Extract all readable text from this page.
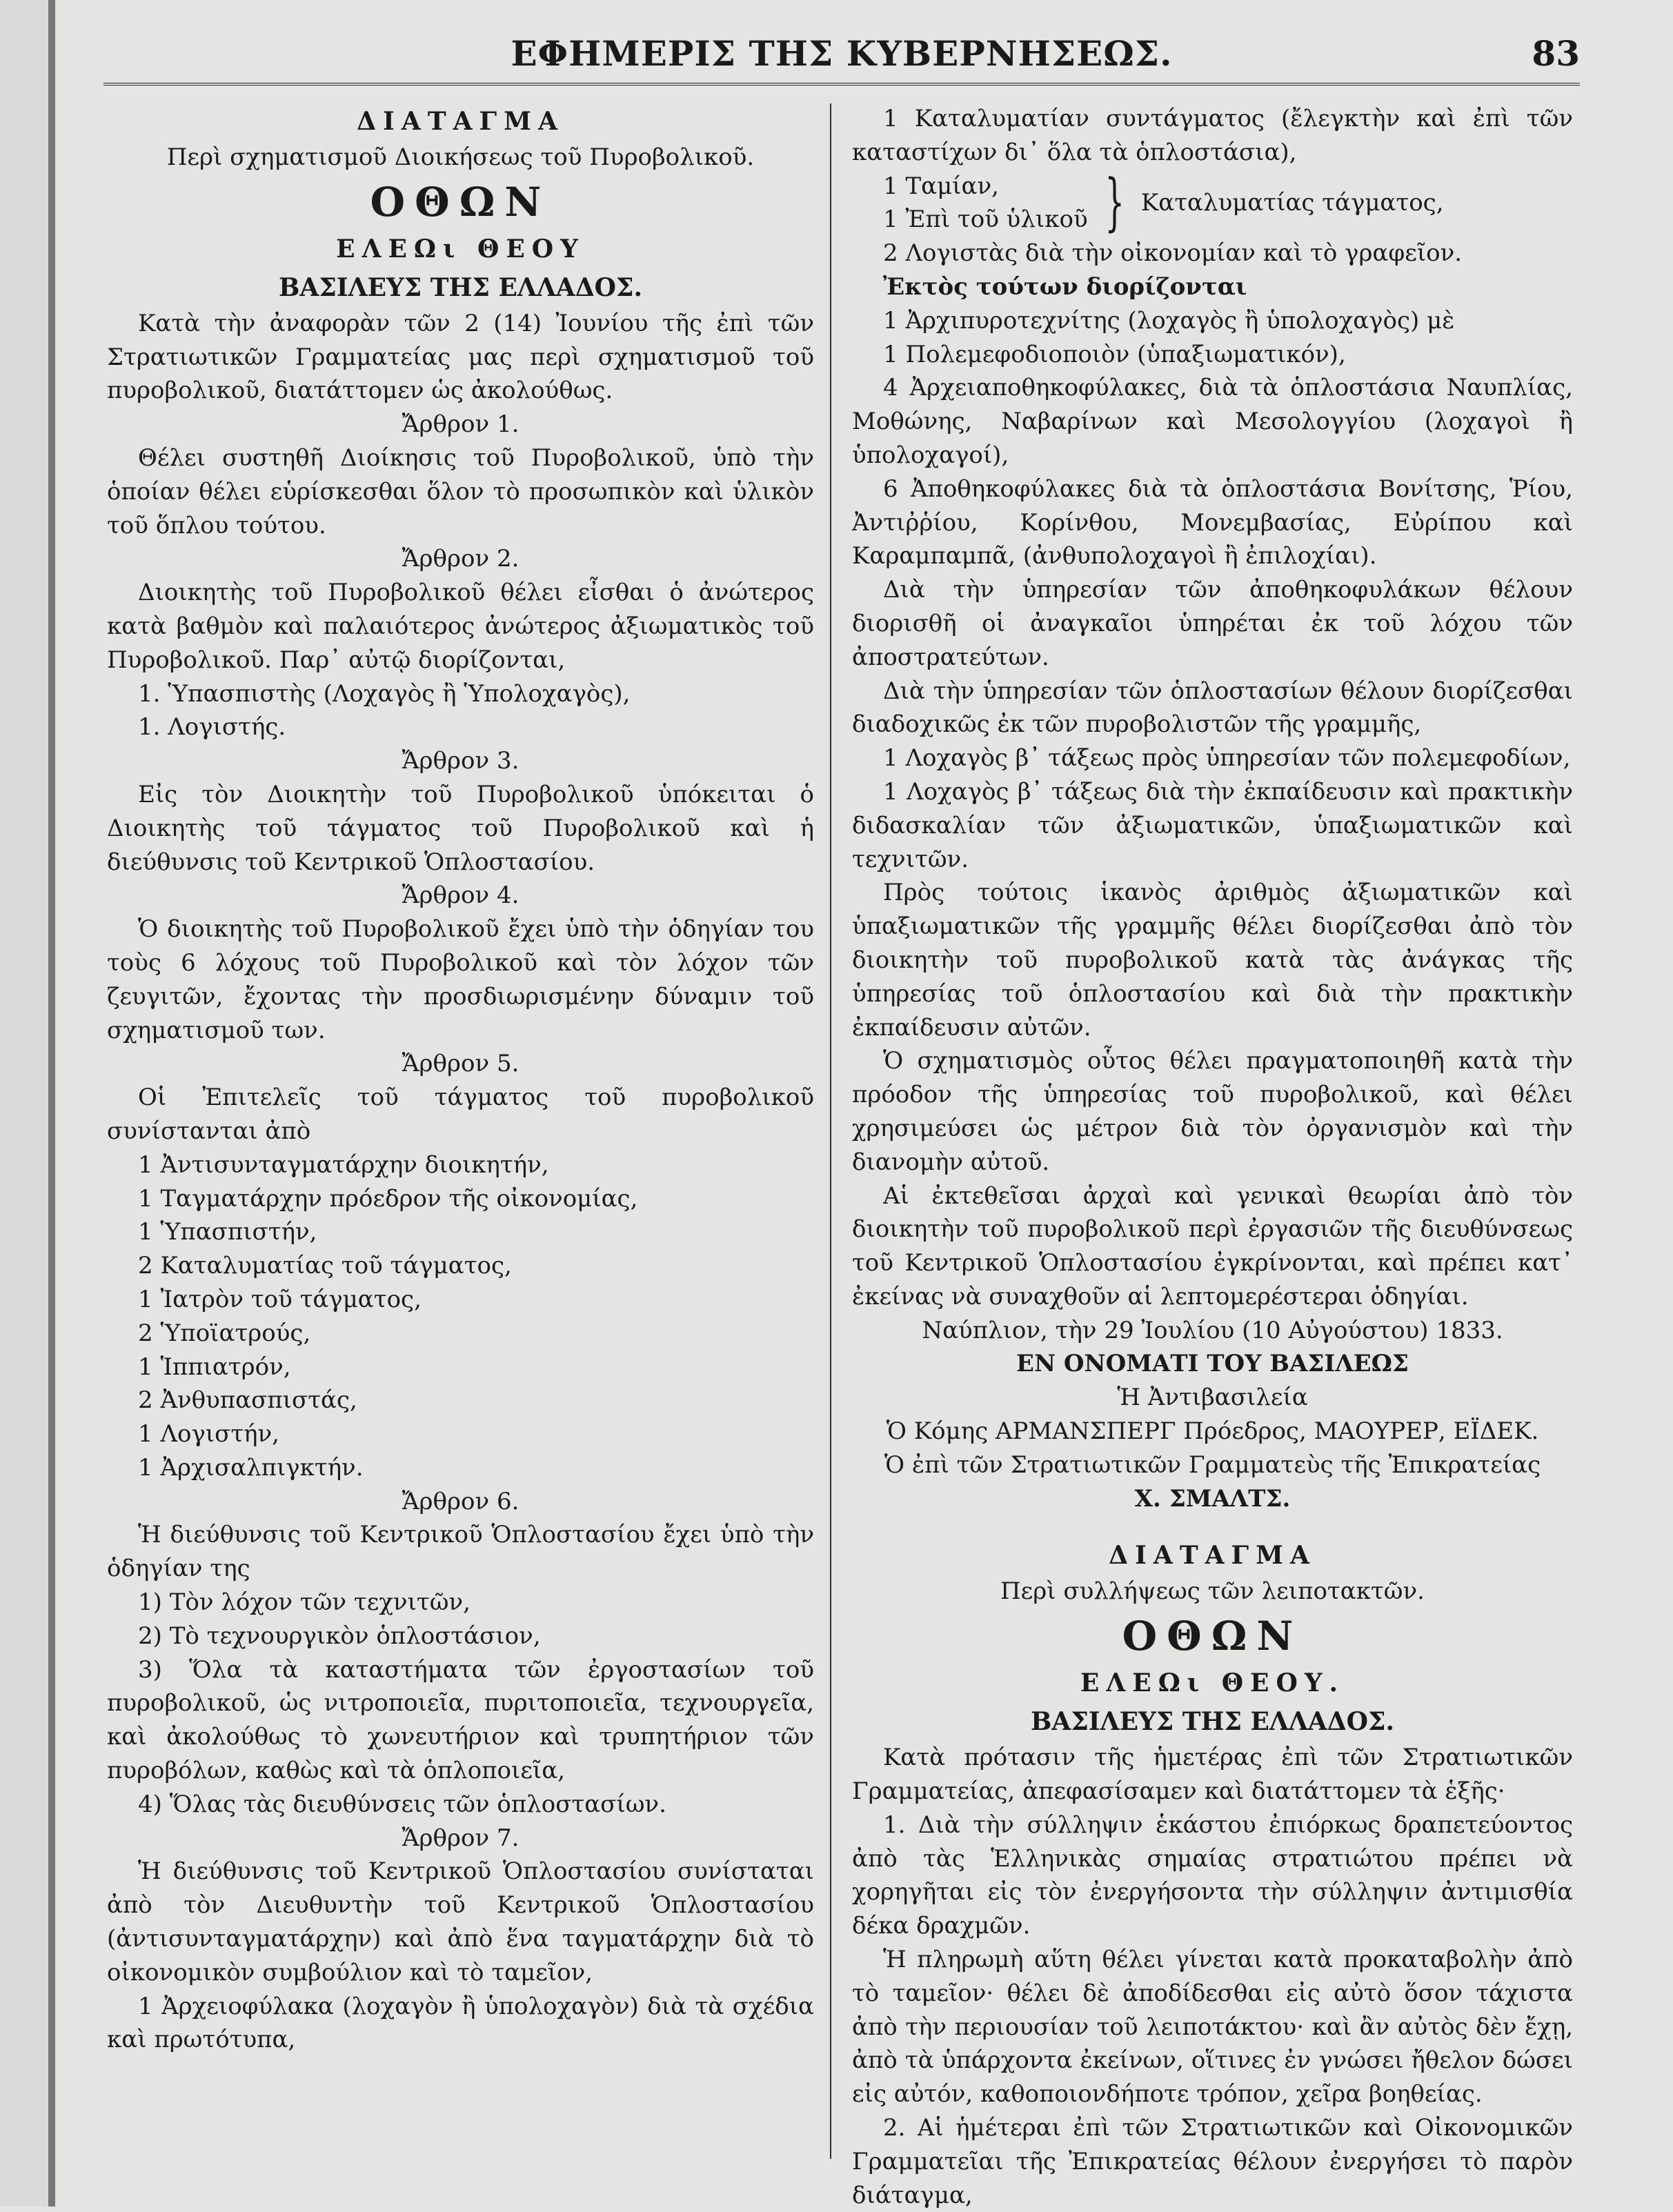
ΕΦΗΜΕΡΙΣ ΤΗΣ ΚΥΒΕΡΝΗΣΕΩΣ.	83

ΔΙΑΤΑΓΜΑ

Περὶ σχηματισμοῦ Διοικήσεως τοῦ Πυροβολικοῦ.

ΟΘΩΝ

ΕΛΕΩι ΘΕΟΥ

ΒΑΣΙΛΕΥΣ ΤΗΣ ΕΛΛΑΔΟΣ.

Κατὰ τὴν ἀναφορὰν τῶν 2 (14) Ἰουνίου τῆς ἐπὶ τῶν Στρατιωτικῶν Γραμματείας μας περὶ σχηματισμοῦ τοῦ πυροβολικοῦ, διατάττομεν ὡς ἀκολούθως.

Ἄρθρον 1.

Θέλει συστηθῆ Διοίκησις τοῦ Πυροβολικοῦ, ὑπὸ τὴν ὁποίαν θέλει εὑρίσκεσθαι ὅλον τὸ προσωπικὸν καὶ ὑλικὸν τοῦ ὅπλου τούτου.

Ἄρθρον 2.

Διοικητὴς τοῦ Πυροβολικοῦ θέλει εἶσθαι ὁ ἀνώτερος κατὰ βαθμὸν καὶ παλαιότερος ἀνώτερος ἀξιωματικὸς τοῦ Πυροβολικοῦ. Παρ᾽ αὐτῷ διορίζονται,

1. Ὑπασπιστὴς (Λοχαγὸς ἢ Ὑπολοχαγὸς),

1. Λογιστής.

Ἄρθρον 3.

Εἰς τὸν Διοικητὴν τοῦ Πυροβολικοῦ ὑπόκειται ὁ Διοικητὴς τοῦ τάγματος τοῦ Πυροβολικοῦ καὶ ἡ διεύθυνσις τοῦ Κεντρικοῦ Ὁπλοστασίου.

Ἄρθρον 4.

Ὁ διοικητὴς τοῦ Πυροβολικοῦ ἔχει ὑπὸ τὴν ὁδηγίαν του τοὺς 6 λόχους τοῦ Πυροβολικοῦ καὶ τὸν λόχον τῶν ζευγιτῶν, ἔχοντας τὴν προσδιωρισμένην δύναμιν τοῦ σχηματισμοῦ των.

Ἄρθρον 5.

Οἱ Ἐπιτελεῖς τοῦ τάγματος τοῦ πυροβολικοῦ συνίστανται ἀπὸ

1 Ἀντισυνταγματάρχην διοικητήν,

1 Ταγματάρχην πρόεδρον τῆς οἰκονομίας,

1 Ὑπασπιστήν,

2 Καταλυματίας τοῦ τάγματος,

1 Ἰατρὸν τοῦ τάγματος,

2 Ὑποϊατρούς,

1 Ἱππιατρόν,

2 Ἀνθυπασπιστάς,

1 Λογιστήν,

1 Ἀρχισαλπιγκτήν.

Ἄρθρον 6.

Ἡ διεύθυνσις τοῦ Κεντρικοῦ Ὁπλοστασίου ἔχει ὑπὸ τὴν ὁδηγίαν της

1) Τὸν λόχον τῶν τεχνιτῶν,

2) Τὸ τεχνουργικὸν ὁπλοστάσιον,

3) Ὅλα τὰ καταστήματα τῶν ἐργοστασίων τοῦ πυροβολικοῦ, ὡς νιτροποιεῖα, πυριτοποιεῖα, τεχνουργεῖα, καὶ ἀκολούθως τὸ χωνευτήριον καὶ τρυπητήριον τῶν πυροβόλων, καθὼς καὶ τὰ ὁπλοποιεῖα,

4) Ὅλας τὰς διευθύνσεις τῶν ὁπλοστασίων.

Ἄρθρον 7.

Ἡ διεύθυνσις τοῦ Κεντρικοῦ Ὁπλοστασίου συνίσταται ἀπὸ τὸν Διευθυντὴν τοῦ Κεντρικοῦ Ὁπλοστασίου (ἀντισυνταγματάρχην) καὶ ἀπὸ ἕνα ταγματάρχην διὰ τὸ οἰκονομικὸν συμβούλιον καὶ τὸ ταμεῖον,

1 Ἀρχειοφύλακα (λοχαγὸν ἢ ὑπολοχαγὸν) διὰ τὰ σχέδια καὶ πρωτότυπα,

1 Καταλυματίαν συντάγματος (ἔλεγκτὴν καὶ ἐπὶ τῶν καταστίχων δι᾽ ὅλα τὰ ὁπλοστάσια),

1 Ταμίαν,
1 Ἐπὶ τοῦ ὑλικοῦ } Καταλυματίας τάγματος,

2 Λογιστὰς διὰ τὴν οἰκονομίαν καὶ τὸ γραφεῖον.

Ἐκτὸς τούτων διορίζονται

1 Ἀρχιπυροτεχνίτης (λοχαγὸς ἢ ὑπολοχαγὸς) μὲ

1 Πολεμεφοδιοποιὸν (ὑπαξιωματικόν),

4 Ἀρχειαποθηκοφύλακες, διὰ τὰ ὁπλοστάσια Ναυπλίας, Μοθώνης, Ναβαρίνων καὶ Μεσολογγίου (λοχαγοὶ ἢ ὑπολοχαγοί),

6 Ἀποθηκοφύλακες διὰ τὰ ὁπλοστάσια Βονίτσης, Ῥίου, Ἀντιῤῥίου, Κορίνθου, Μονεμβασίας, Εὐρίπου καὶ Καραμπαμπᾶ, (ἀνθυπολοχαγοὶ ἢ ἐπιλοχίαι).

Διὰ τὴν ὑπηρεσίαν τῶν ἀποθηκοφυλάκων θέλουν διορισθῆ οἱ ἀναγκαῖοι ὑπηρέται ἐκ τοῦ λόχου τῶν ἀποστρατεύτων.

Διὰ τὴν ὑπηρεσίαν τῶν ὁπλοστασίων θέλουν διορίζεσθαι διαδοχικῶς ἐκ τῶν πυροβολιστῶν τῆς γραμμῆς,

1 Λοχαγὸς β᾽ τάξεως πρὸς ὑπηρεσίαν τῶν πολεμεφοδίων,

1 Λοχαγὸς β᾽ τάξεως διὰ τὴν ἐκπαίδευσιν καὶ πρακτικὴν διδασκαλίαν τῶν ἀξιωματικῶν, ὑπαξιωματικῶν καὶ τεχνιτῶν.

Πρὸς τούτοις ἱκανὸς ἀριθμὸς ἀξιωματικῶν καὶ ὑπαξιωματικῶν τῆς γραμμῆς θέλει διορίζεσθαι ἀπὸ τὸν διοικητὴν τοῦ πυροβολικοῦ κατὰ τὰς ἀνάγκας τῆς ὑπηρεσίας τοῦ ὁπλοστασίου καὶ διὰ τὴν πρακτικὴν ἐκπαίδευσιν αὐτῶν.

Ὁ σχηματισμὸς οὗτος θέλει πραγματοποιηθῆ κατὰ τὴν πρόοδον τῆς ὑπηρεσίας τοῦ πυροβολικοῦ, καὶ θέλει χρησιμεύσει ὡς μέτρον διὰ τὸν ὀργανισμὸν καὶ τὴν διανομὴν αὐτοῦ.

Αἱ ἐκτεθεῖσαι ἀρχαὶ καὶ γενικαὶ θεωρίαι ἀπὸ τὸν διοικητὴν τοῦ πυροβολικοῦ περὶ ἐργασιῶν τῆς διευθύνσεως τοῦ Κεντρικοῦ Ὁπλοστασίου ἐγκρίνονται, καὶ πρέπει κατ᾽ ἐκείνας νὰ συναχθοῦν αἱ λεπτομερέστεραι ὁδηγίαι.

Ναύπλιον, τὴν 29 Ἰουλίου (10 Αὐγούστου) 1833.

ΕΝ ΟΝΟΜΑΤΙ ΤΟΥ ΒΑΣΙΛΕΩΣ

Ἡ Ἀντιβασιλεία

Ὁ Κόμης ΑΡΜΑΝΣΠΕΡΓ Πρόεδρος, ΜΑΟΥΡΕΡ, ΕΪΔΕΚ.

Ὁ ἐπὶ τῶν Στρατιωτικῶν Γραμματεὺς τῆς Ἐπικρατείας

Χ. ΣΜΑΛΤΣ.

ΔΙΑΤΑΓΜΑ

Περὶ συλλήψεως τῶν λειποτακτῶν.

ΟΘΩΝ

ΕΛΕΩι ΘΕΟΥ.

ΒΑΣΙΛΕΥΣ ΤΗΣ ΕΛΛΑΔΟΣ.

Κατὰ πρότασιν τῆς ἡμετέρας ἐπὶ τῶν Στρατιωτικῶν Γραμματείας, ἀπεφασίσαμεν καὶ διατάττομεν τὰ ἑξῆς·

1. Διὰ τὴν σύλληψιν ἑκάστου ἐπιόρκως δραπετεύοντος ἀπὸ τὰς Ἑλληνικὰς σημαίας στρατιώτου πρέπει νὰ χορηγῆται εἰς τὸν ἐνεργήσοντα τὴν σύλληψιν ἀντιμισθία δέκα δραχμῶν.

Ἡ πληρωμὴ αὕτη θέλει γίνεται κατὰ προκαταβολὴν ἀπὸ τὸ ταμεῖον· θέλει δὲ ἀποδίδεσθαι εἰς αὐτὸ ὅσον τάχιστα ἀπὸ τὴν περιουσίαν τοῦ λειποτάκτου· καὶ ἂν αὐτὸς δὲν ἔχῃ, ἀπὸ τὰ ὑπάρχοντα ἐκείνων, οἵτινες ἐν γνώσει ἤθελον δώσει εἰς αὐτόν, καθοποιονδήποτε τρόπον, χεῖρα βοηθείας.

2. Αἱ ἡμέτεραι ἐπὶ τῶν Στρατιωτικῶν καὶ Οἰκονομικῶν Γραμματεῖαι τῆς Ἐπικρατείας θέλουν ἐνεργήσει τὸ παρὸν διάταγμα,
